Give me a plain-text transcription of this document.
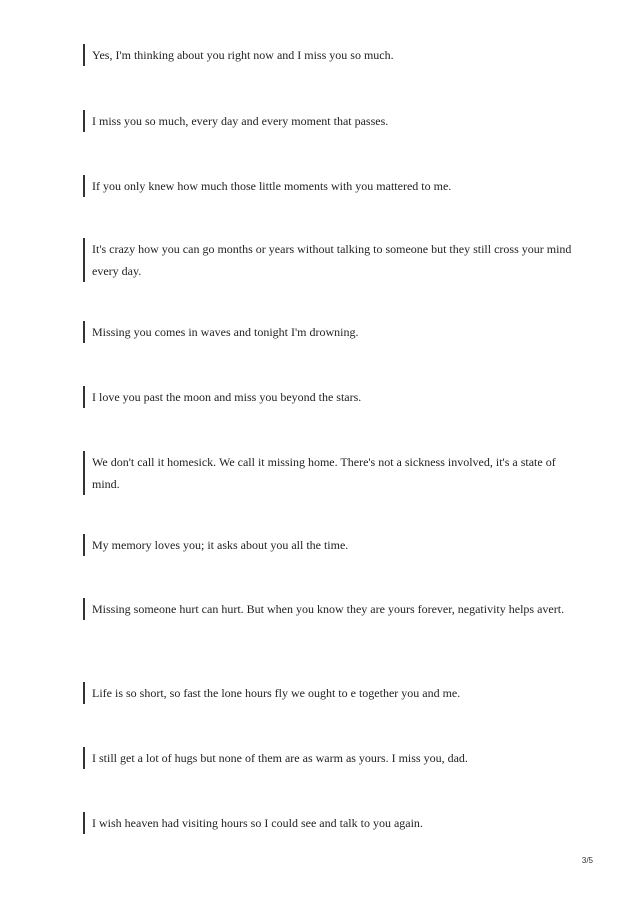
Yes, I'm thinking about you right now and I miss you so much.
I miss you so much, every day and every moment that passes.
If you only knew how much those little moments with you mattered to me.
It's crazy how you can go months or years without talking to someone but they still cross your mind every day.
Missing you comes in waves and tonight I'm drowning.
I love you past the moon and miss you beyond the stars.
We don't call it homesick. We call it missing home. There's not a sickness involved, it's a state of mind.
My memory loves you; it asks about you all the time.
Missing someone hurt can hurt. But when you know they are yours forever, negativity helps avert.
Life is so short, so fast the lone hours fly we ought to e together you and me.
I still get a lot of hugs but none of them are as warm as yours. I miss you, dad.
I wish heaven had visiting hours so I could see and talk to you again.
3/5
